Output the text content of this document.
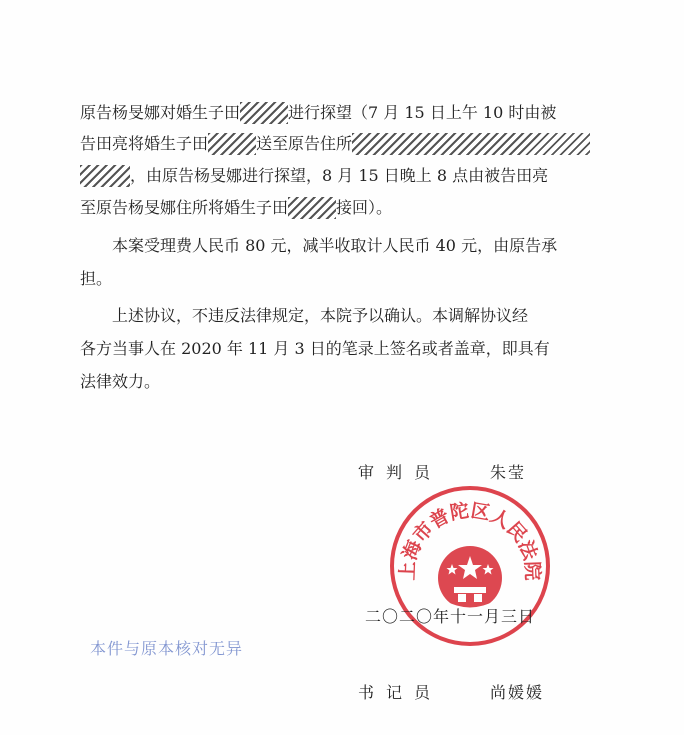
原告杨旻娜对婚生子田	进行探望（7 月 15 日上午 10 时由被
告田亮将婚生子田	送至原告住所
，由原告杨旻娜进行探望，8 月 15 日晚上 8 点由被告田亮
至原告杨旻娜住所将婚生子田	接回）。
本案受理费人民币 80 元，减半收取计人民币 40 元，由原告承
担。
上述协议，不违反法律规定，本院予以确认。本调解协议经
各方当事人在 2020 年 11 月 3 日的笔录上签名或者盖章，即具有
法律效力。
审判员	朱莹
上海市普陀区人民法院
二〇二〇年十一月三日
本件与原本核对无异
书记员	尚媛媛
